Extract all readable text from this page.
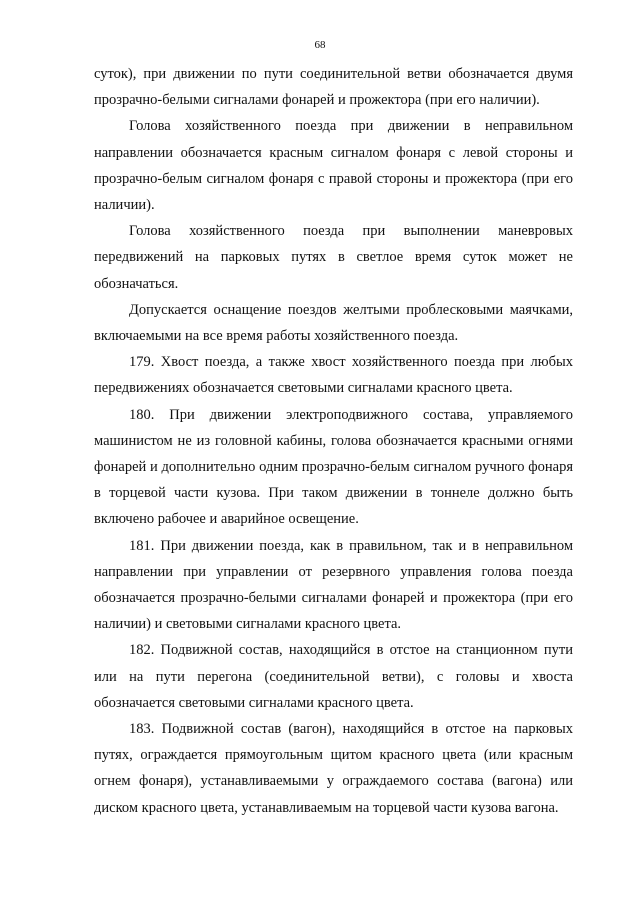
68

суток), при движении по пути соединительной ветви обозначается двумя прозрачно-белыми сигналами фонарей и прожектора (при его наличии).

Голова хозяйственного поезда при движении в неправильном направлении обозначается красным сигналом фонаря с левой стороны и прозрачно-белым сигналом фонаря с правой стороны и прожектора (при его наличии).

Голова хозяйственного поезда при выполнении маневровых передвижений на парковых путях в светлое время суток может не обозначаться.

Допускается оснащение поездов желтыми проблесковыми маячками, включаемыми на все время работы хозяйственного поезда.

179. Хвост поезда, а также хвост хозяйственного поезда при любых передвижениях обозначается световыми сигналами красного цвета.

180. При движении электроподвижного состава, управляемого машинистом не из головной кабины, голова обозначается красными огнями фонарей и дополнительно одним прозрачно-белым сигналом ручного фонаря в торцевой части кузова. При таком движении в тоннеле должно быть включено рабочее и аварийное освещение.

181. При движении поезда, как в правильном, так и в неправильном направлении при управлении от резервного управления голова поезда обозначается прозрачно-белыми сигналами фонарей и прожектора (при его наличии) и световыми сигналами красного цвета.

182. Подвижной состав, находящийся в отстое на станционном пути или на пути перегона (соединительной ветви), с головы и хвоста обозначается световыми сигналами красного цвета.

183. Подвижной состав (вагон), находящийся в отстое на парковых путях, ограждается прямоугольным щитом красного цвета (или красным огнем фонаря), устанавливаемыми у ограждаемого состава (вагона) или диском красного цвета, устанавливаемым на торцевой части кузова вагона.
